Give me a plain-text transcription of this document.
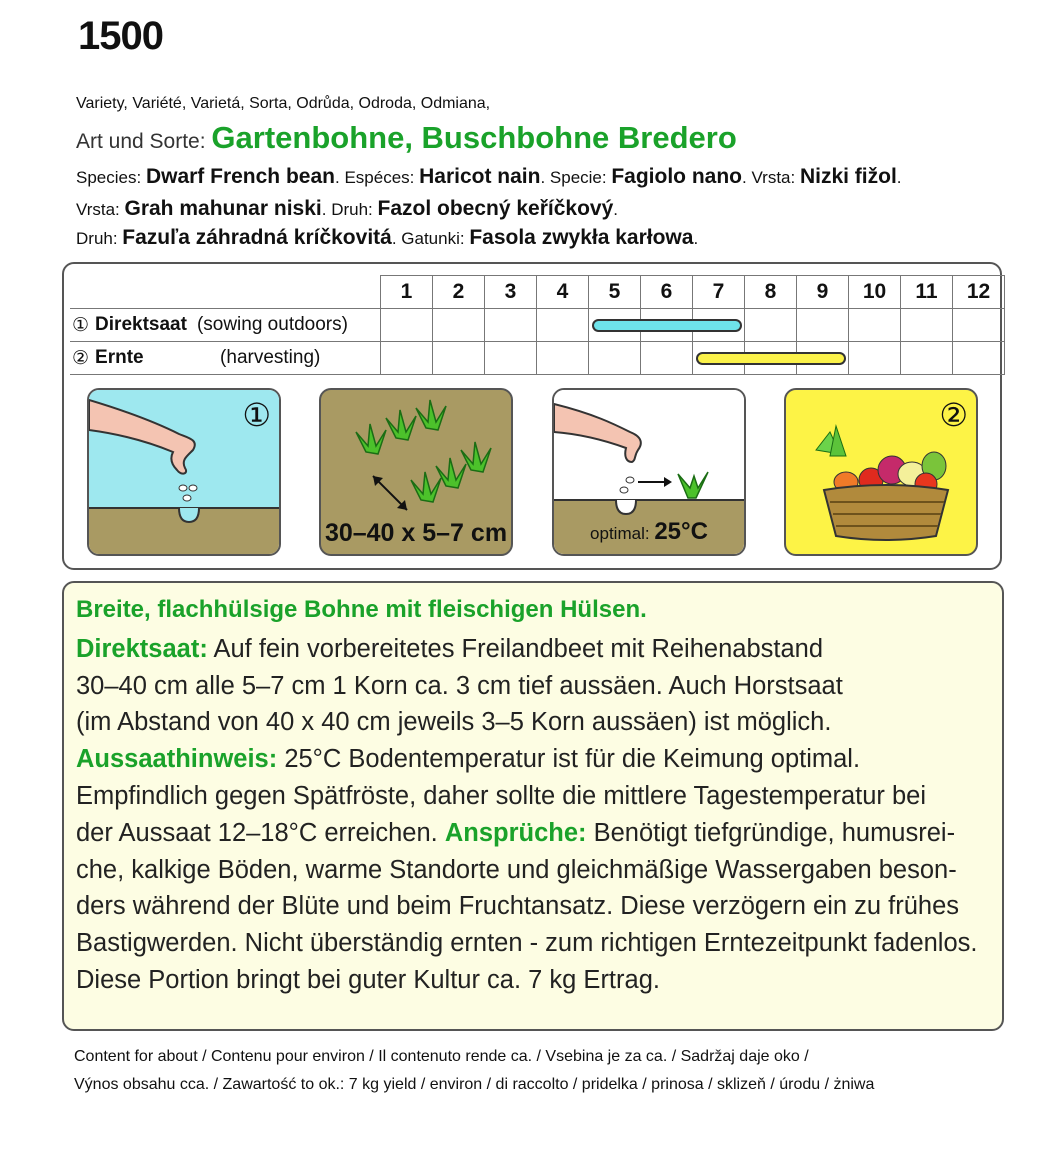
1500
Variety, Variété, Varietá, Sorta, Odrůda, Odroda, Odmiana,
Art und Sorte: Gartenbohne, Buschbohne Bredero
Species: Dwarf French bean. Espéces: Haricot nain. Specie: Fagiolo nano. Vrsta: Nizki fižol.
Vrsta: Grah mahunar niski. Druh: Fazol obecný keříčkový.
Druh: Fazuľa záhradná kríčkovitá. Gatunki: Fasola zwykła karłowa.
	1	2	3	4	5	6	7	8	9	10	11	12

① Direktsaat (sowing outdoors)												

② Ernte (harvesting)												

①
30–40 x 5–7 cm	optimal: 25°C
②
Breite, flachhülsige Bohne mit fleischigen Hülsen.
Direktsaat: Auf fein vorbereitetes Freilandbeet mit Reihenabstand
30–40 cm alle 5–7 cm 1 Korn ca. 3 cm tief aussäen. Auch Horstsaat
(im Abstand von 40 x 40 cm jeweils 3–5 Korn aussäen) ist möglich.
Aussaathinweis: 25°C Bodentemperatur ist für die Keimung optimal.
Empfindlich gegen Spätfröste, daher sollte die mittlere Tagestemperatur bei
der Aussaat 12–18°C erreichen. Ansprüche: Benötigt tiefgründige, humusrei-
che, kalkige Böden, warme Standorte und gleichmäßige Wassergaben beson-
ders während der Blüte und beim Fruchtansatz. Diese verzögern ein zu frühes
Bastigwerden. Nicht überständig ernten - zum richtigen Erntezeitpunkt fadenlos.
Diese Portion bringt bei guter Kultur ca. 7 kg Ertrag.
Content for about / Contenu pour environ / Il contenuto rende ca. / Vsebina je za ca. / Sadržaj daje oko /
Výnos obsahu cca. / Zawartość to ok.: 7 kg yield / environ / di raccolto / pridelka / prinosa / sklizeň / úrodu / żniwa
